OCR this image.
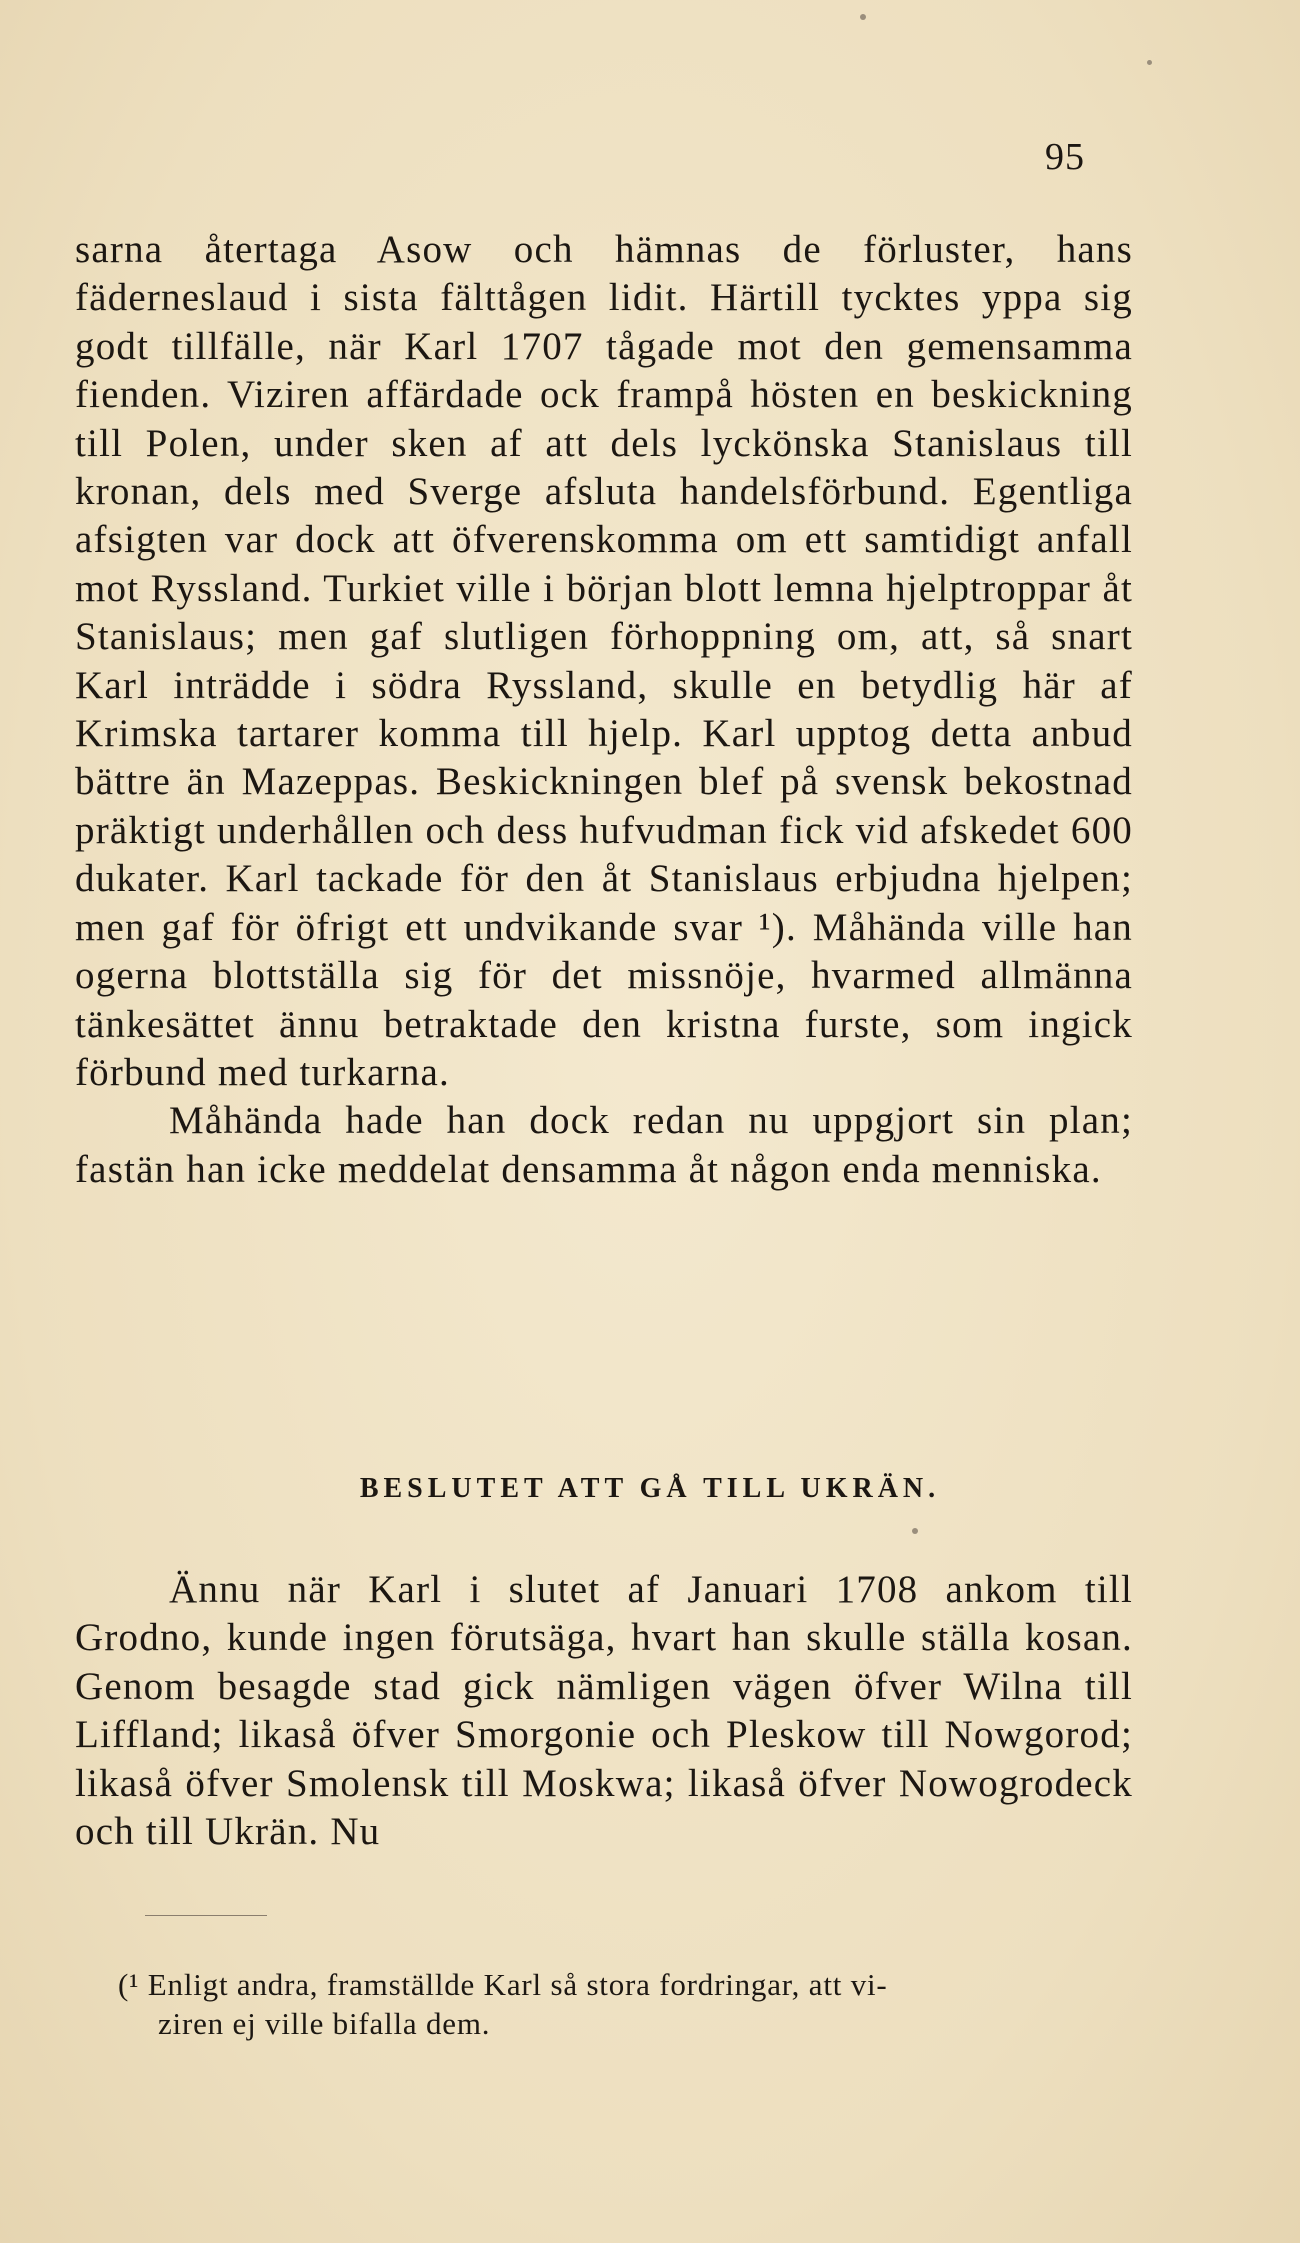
95

sarna återtaga Asow och hämnas de förluster, hans fäderneslaud i sista fälttågen lidit. Härtill tycktes yppa sig godt tillfälle, när Karl 1707 tågade mot den gemensamma fienden. Viziren affärdade ock frampå hösten en beskickning till Polen, under sken af att dels lyckönska Stanislaus till kronan, dels med Sverge afsluta handelsförbund. Egentliga afsigten var dock att öfverenskomma om ett samtidigt anfall mot Ryssland. Turkiet ville i början blott lemna hjelptroppar åt Stanislaus; men gaf slutligen förhoppning om, att, så snart Karl inträdde i södra Ryssland, skulle en betydlig här af Krimska tartarer komma till hjelp. Karl upptog detta anbud bättre än Mazeppas. Beskickningen blef på svensk bekostnad präktigt underhållen och dess hufvudman fick vid afskedet 600 dukater. Karl tackade för den åt Stanislaus erbjudna hjelpen; men gaf för öfrigt ett undvikande svar ¹). Måhända ville han ogerna blottställa sig för det missnöje, hvarmed allmänna tänkesättet ännu betraktade den kristna furste, som ingick förbund med turkarna.

Måhända hade han dock redan nu uppgjort sin plan; fastän han icke meddelat densamma åt någon enda menniska.

BESLUTET ATT GÅ TILL UKRÄN.

Ännu när Karl i slutet af Januari 1708 ankom till Grodno, kunde ingen förutsäga, hvart han skulle ställa kosan. Genom besagde stad gick nämligen vägen öfver Wilna till Liffland; likaså öfver Smorgonie och Pleskow till Nowgorod; likaså öfver Smolensk till Moskwa; likaså öfver Nowogrodeck och till Ukrän. Nu

(¹ Enligt andra, framställde Karl så stora fordringar, att vi-
ziren ej ville bifalla dem.
